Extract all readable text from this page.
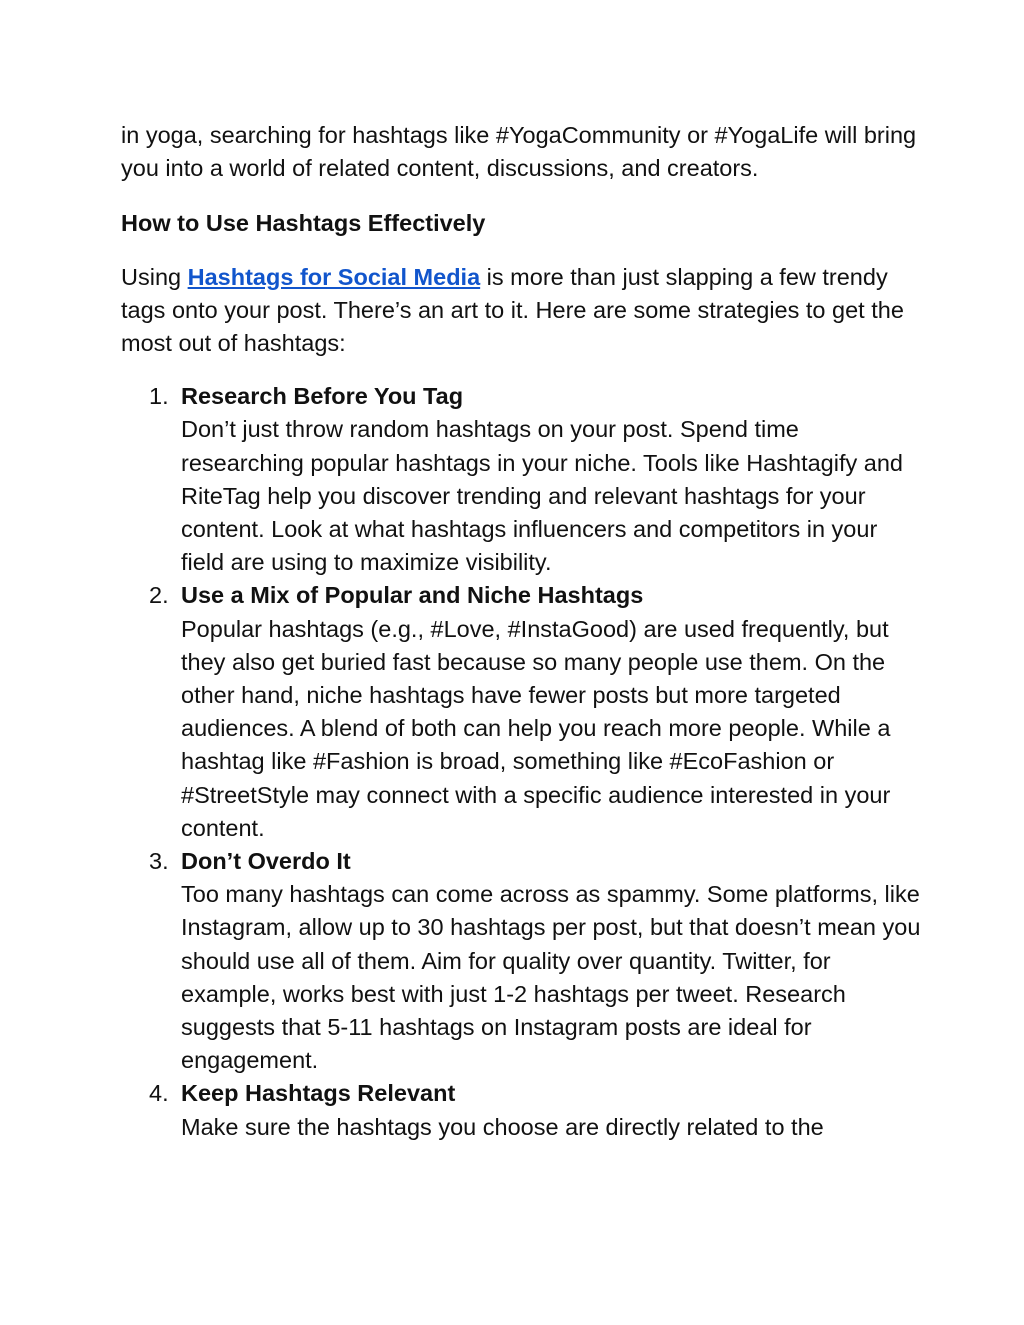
in yoga, searching for hashtags like #YogaCommunity or #YogaLife will bring you into a world of related content, discussions, and creators.

How to Use Hashtags Effectively

Using Hashtags for Social Media is more than just slapping a few trendy tags onto your post. There’s an art to it. Here are some strategies to get the most out of hashtags:

1. Research Before You Tag
Don’t just throw random hashtags on your post. Spend time researching popular hashtags in your niche. Tools like Hashtagify and RiteTag help you discover trending and relevant hashtags for your content. Look at what hashtags influencers and competitors in your field are using to maximize visibility.
2. Use a Mix of Popular and Niche Hashtags
Popular hashtags (e.g., #Love, #InstaGood) are used frequently, but they also get buried fast because so many people use them. On the other hand, niche hashtags have fewer posts but more targeted audiences. A blend of both can help you reach more people. While a hashtag like #Fashion is broad, something like #EcoFashion or #StreetStyle may connect with a specific audience interested in your content.
3. Don’t Overdo It
Too many hashtags can come across as spammy. Some platforms, like Instagram, allow up to 30 hashtags per post, but that doesn’t mean you should use all of them. Aim for quality over quantity. Twitter, for example, works best with just 1-2 hashtags per tweet. Research suggests that 5-11 hashtags on Instagram posts are ideal for engagement.
4. Keep Hashtags Relevant
Make sure the hashtags you choose are directly related to the
